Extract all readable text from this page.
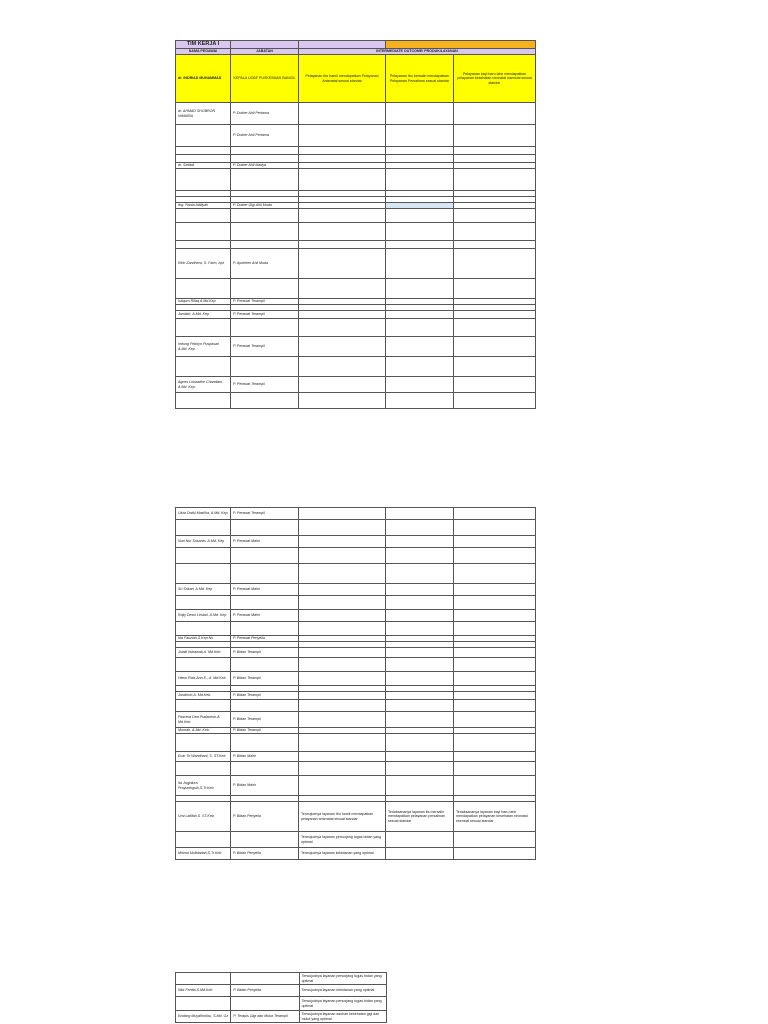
TIM KERJA I				
NAMA PEGAWAI	JABATAN	INTERMEDIATE OUTCOME/ PRODUK/LAYANAN		
dr. INDRIAD MUHAMMAD	KEPALA UOBF PUSKESMAS BANGIL	Pelayanan ibu hamil mendapatkan Pelayanan Antenatal sesuai standar	Pelayanan Ibu bersalin mendapatkan Pelayanan Persalinan sesuai standar	Pelayanan bayi baru lahir mendapatkan pelayanan kesehatan neonatal esensial sesuai standar
dr. AHMAD SHOBRON NIMAIRA	P. Dokter Ahli Pertama			
	P. Dokter Ahli Pertama			

dr. Setiadi	P. Dokter Ahli Madya			

drg. Rania Aditiyah	P. Dokter Gigi Ahli Muda			

Ririn Zandhera, S. Farm, Apt	P. Apoteker Ahli Muda			

Istiqom Rifaq A.Md.Kep	P. Perawat Terampil			

Jamilah, A.Md. Kep	P. Perawat Terampil			

Ineung Febriyn Puspasari A.Md. Kep	P. Perawat Terampil			

Agnes Lokaadhe Chandiani, A.Md. Kep	P. Perawat Terampil			

Ulvia Dwiki Mazilha, A.Md. Kep	P. Perawat Terampil			

Nuri Nur Susanto, A.Md. Kep	P. Perawat Mahir			

Sri Srikari, A.Md. Kep	P. Perawat Mahir			

Rajiy Desvi Lestari, A.Md. Kep	P. Perawat Mahir			

Ida Fauziah,S.Kep.Ns	P. Perawat Penyelia			

Julaili Indrawati,A. Md.Keb	P. Bidan Terampil			

Hiemi Rais Arin E., A. Md.Keb	P. Bidan Terampil			

Junikhoh,A. Md.Keb.	P. Bidan Terampil			

Pasvera Dea Prafanesh,A. Md.Keb	P. Bidan Terampil			
Murnah, A.Md. Keb	P. Bidan Terampil			

Evar Tri Wandhani, S. ST.Keb	P. Bidan Mahir			

Ita Jogjniura Prayuningsih,S.Tr.Keb	P. Bidan Mahir			

Umi Lailifah,S. ST.Keb	P. Bidan Penyelia	Terwujudnya layanan Ibu hamil mendapatkan pelayanan antenatal sesuai standar	Terlaksananya layanan ibu bersalin mendapatkan pelayanan persalinan sesuai standar	Terlaksananya layanan bayi baru lahir mendapatkan pelayanan kesehatan neonatal esensial sesuai standar
		Terwujudnya layanan persorjang tugas bidan yang optimal		
Mhima Mufidadah,S.Tr.Keb	P. Bidan Penyelia	Terwujudnya layanan kebidanan yang optimal		
		Terwujudnya layanan persorjang tugas bidan yang optimal
Nita Ferdia,S.Md.Keb	P. Bidan Penyelia	Terwujudnya layanan kebidanan yang optimal
		Terwujudnya layanan persorjang tugas bidan yang optimal
Endang Muyafirohbu, S.Md. Gz	P. Terapis Gigi dan Mulut Terampil	Terwujudnya layanan asuhan kesehatan gigi dan mulut yang optimal
